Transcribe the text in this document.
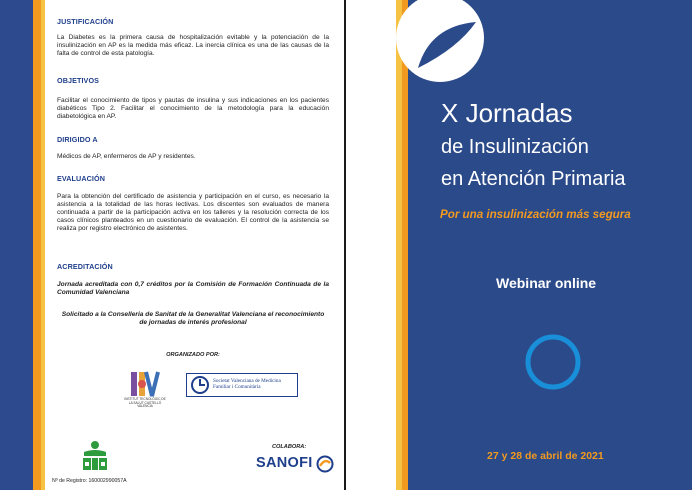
JUSTIFICACIÓN
La Diabetes es la primera causa de hospitalización evitable y la potenciación de la insulinización en AP es la medida más eficaz. La inercia clínica es una de las causas de la falta de control de esta patología.
OBJETIVOS
Facilitar el conocimiento de tipos y pautas de insulina y sus indicaciones en los pacientes diabéticos Tipo 2. Facilitar el conocimiento de la metodología para la educación diabetológica en AP.
DIRIGIDO A
Médicos de AP, enfermeros de AP y residentes.
EVALUACIÓN
Para la obtención del certificado de asistencia y participación en el curso, es necesario la asistencia a la totalidad de las horas lectivas. Los discentes son evaluados de manera continuada a partir de la participación activa en los talleres y la resolución correcta de los casos clínicos planteados en un cuestionario de evaluación. El control de la asistencia se realiza por registro electrónico de asistentes.
ACREDITACIÓN
Jornada acreditada con 0,7 créditos por la Comisión de Formación Continuada de la Comunidad Valenciana
Solicitado a la Conselleria de Sanitat de la Generalitat Valenciana el reconocimiento de jornadas de interés profesional
ORGANIZADO POR:
INSTITUT TECNOLÒGIC DE LA SALUT CASTELLÓ VALENCIA
Societat Valenciana de Medicina
Familiar i Comunitària
Nº de Registro: 160002990057A
COLABORA:
SANOFI
X Jornadas
de Insulinización
en Atención Primaria
Por una insulinización más segura
Webinar online
27 y 28 de abril de 2021
